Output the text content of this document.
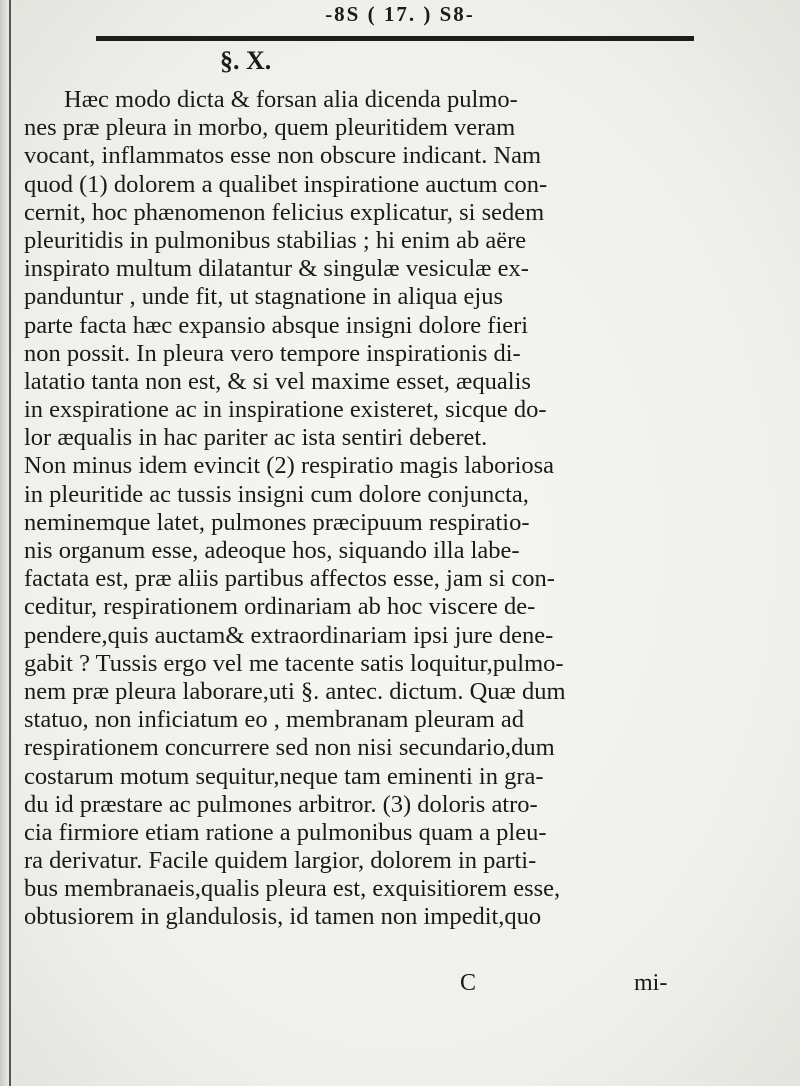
-8S ( 17. ) S8-
§. X.
Hæc modo dicta & forsan alia dicenda pulmo-
nes præ pleura in morbo, quem pleuritidem veram
vocant, inflammatos esse non obscure indicant. Nam
quod (1) dolorem a qualibet inspiratione auctum con-
cernit, hoc phænomenon felicius explicatur, si sedem
pleuritidis in pulmonibus stabilias ; hi enim ab aëre
inspirato multum dilatantur & singulæ vesiculæ ex-
panduntur , unde fit, ut stagnatione in aliqua ejus
parte facta hæc expansio absque insigni dolore fieri
non possit. In pleura vero tempore inspirationis di-
latatio tanta non est, & si vel maxime esset, æqualis
in exspiratione ac in inspiratione existeret, sicque do-
lor æqualis in hac pariter ac ista sentiri deberet.
Non minus idem evincit (2) respiratio magis laboriosa
in pleuritide ac tussis insigni cum dolore conjuncta,
neminemque latet, pulmones præcipuum respiratio-
nis organum esse, adeoque hos, siquando illa labe-
factata est, præ aliis partibus affectos esse, jam si con-
ceditur, respirationem ordinariam ab hoc viscere de-
pendere,quis auctam& extraordinariam ipsi jure dene-
gabit ? Tussis ergo vel me tacente satis loquitur,pulmo-
nem præ pleura laborare,uti §. antec. dictum. Quæ dum
statuo, non inficiatum eo , membranam pleuram ad
respirationem concurrere sed non nisi secundario,dum
costarum motum sequitur,neque tam eminenti in gra-
du id præstare ac pulmones arbitror. (3) doloris atro-
cia firmiore etiam ratione a pulmonibus quam a pleu-
ra derivatur. Facile quidem largior, dolorem in parti-
bus membranaeis,qualis pleura est, exquisitiorem esse,
obtusiorem in glandulosis, id tamen non impedit,quo
C	mi-
